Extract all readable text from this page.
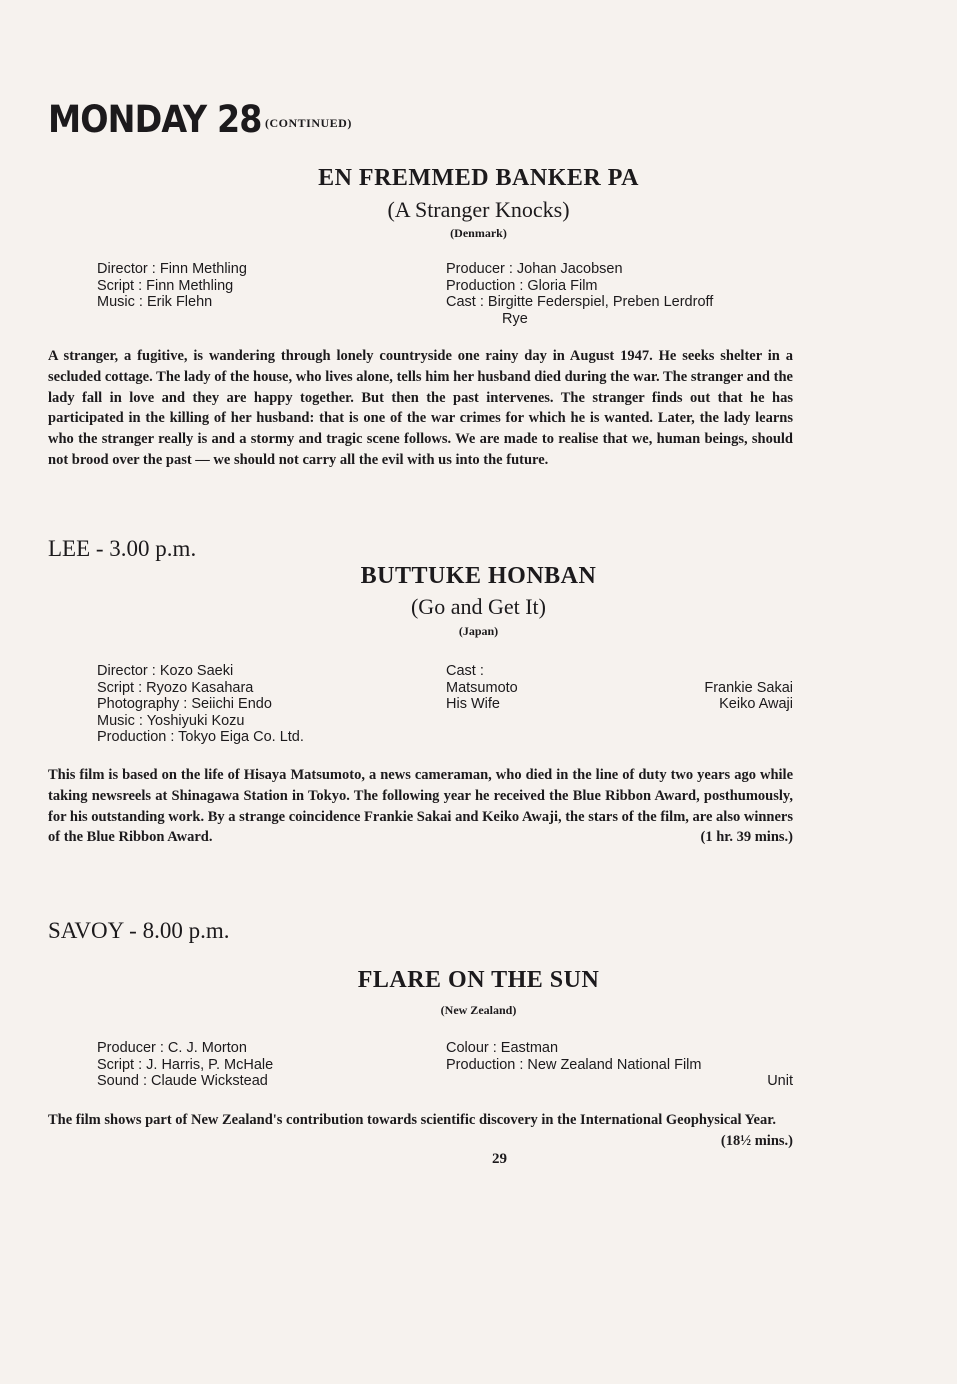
MONDAY 28 (CONTINUED)
EN FREMMED BANKER PA
(A Stranger Knocks)
(Denmark)
Director : Finn Methling
Script : Finn Methling
Music : Erik Flehn
Producer : Johan Jacobsen
Production : Gloria Film
Cast : Birgitte Federspiel, Preben Lerdroff
Rye
A stranger, a fugitive, is wandering through lonely countryside one rainy day in August 1947. He seeks shelter in a secluded cottage. The lady of the house, who lives alone, tells him her husband died during the war. The stranger and the lady fall in love and they are happy together. But then the past intervenes. The stranger finds out that he has participated in the killing of her husband: that is one of the war crimes for which he is wanted. Later, the lady learns who the stranger really is and a stormy and tragic scene follows. We are made to realise that we, human beings, should not brood over the past — we should not carry all the evil with us into the future.
LEE - 3.00 p.m.
BUTTUKE HONBAN
(Go and Get It)
(Japan)
Director : Kozo Saeki
Script : Ryozo Kasahara
Photography : Seiichi Endo
Music : Yoshiyuki Kozu
Production : Tokyo Eiga Co. Ltd.
Cast :
Matsumoto
His Wife
Frankie Sakai
Keiko Awaji
This film is based on the life of Hisaya Matsumoto, a news cameraman, who died in the line of duty two years ago while taking newsreels at Shinagawa Station in Tokyo. The following year he received the Blue Ribbon Award, posthumously, for his outstanding work. By a strange coincidence Frankie Sakai and Keiko Awaji, the stars of the film, are also winners of the Blue Ribbon Award.	(1 hr. 39 mins.)
SAVOY - 8.00 p.m.
FLARE ON THE SUN
(New Zealand)
Producer : C. J. Morton
Script : J. Harris, P. McHale
Sound : Claude Wickstead
Colour : Eastman
Production : New Zealand National Film
Unit
The film shows part of New Zealand's contribution towards scientific discovery in the International Geophysical Year.
(18½ mins.)
29
